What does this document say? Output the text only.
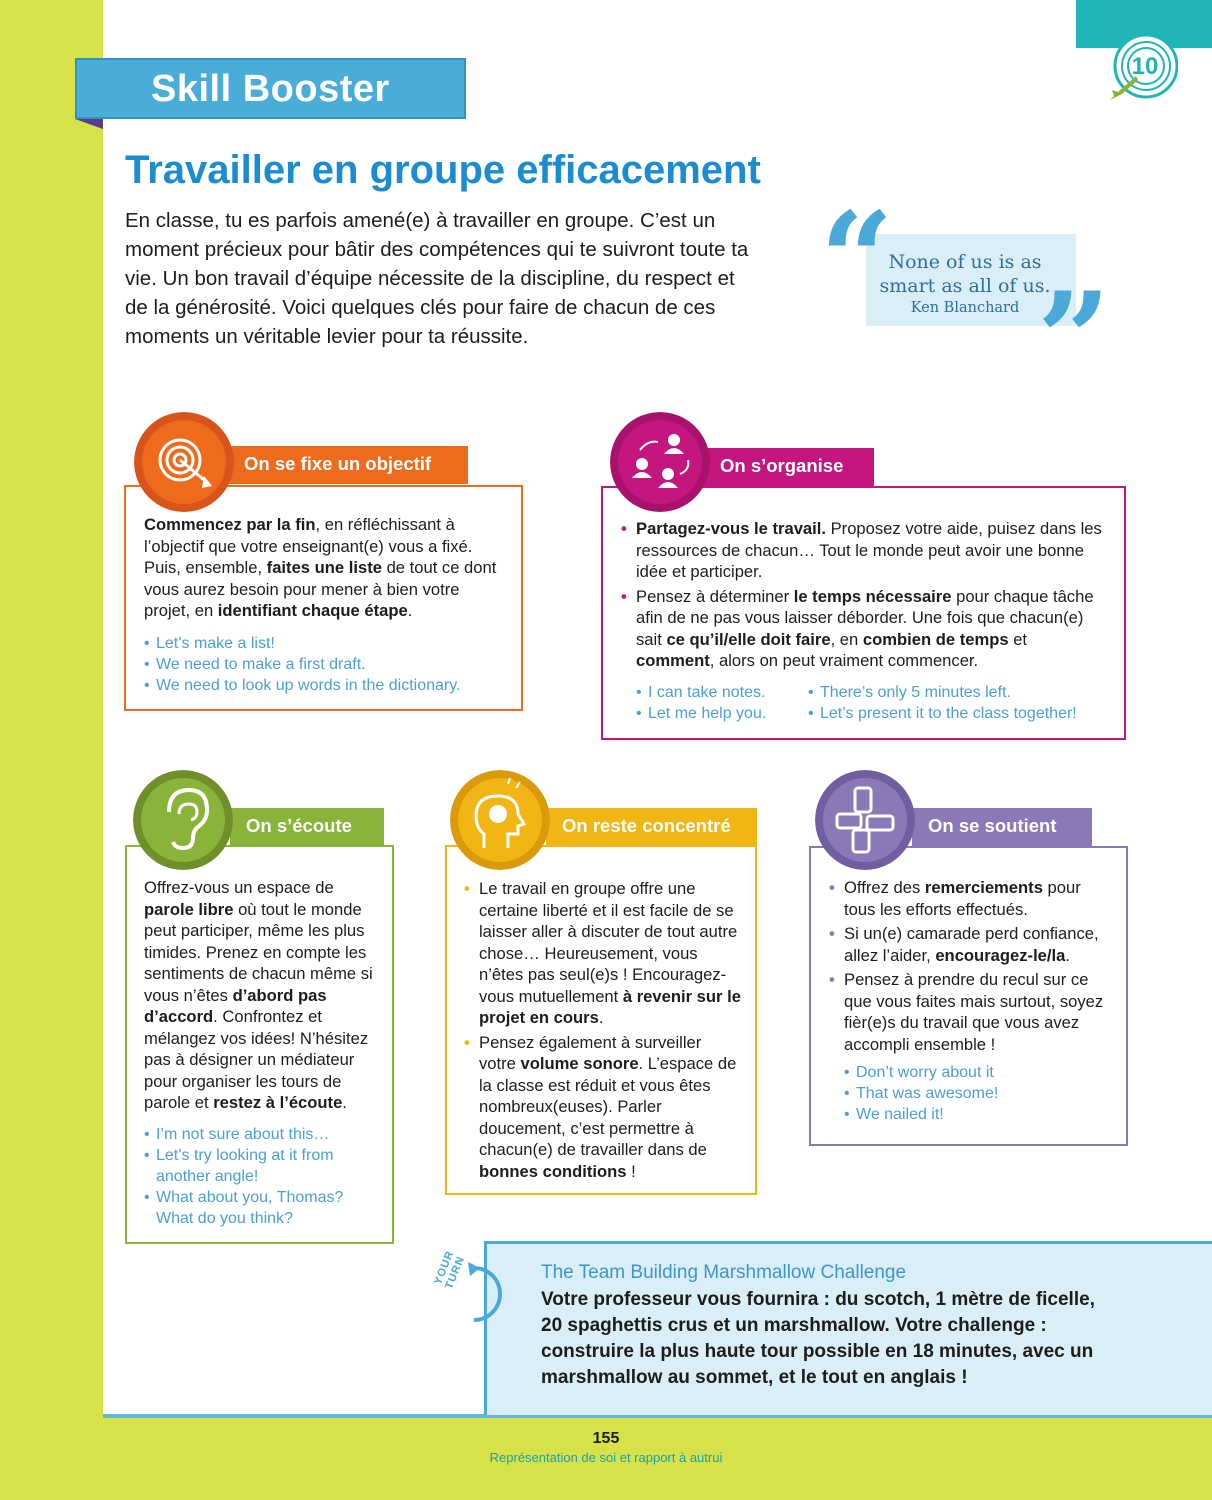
10
Skill Booster
Travailler en groupe efficacement

En classe, tu es parfois amené(e) à travailler en groupe. C’est un moment précieux pour bâtir des compétences qui te suivront toute ta vie. Un bon travail d’équipe nécessite de la discipline, du respect et de la générosité. Voici quelques clés pour faire de chacun de ces moments un véritable levier pour ta réussite.

“
None of us is as
smart as all of us.
Ken Blanchard ”
On se fixe un objectif

Commencez par la fin, en réfléchissant à l’objectif que votre enseignant(e) vous a fixé. Puis, ensemble, faites une liste de tout ce dont vous aurez besoin pour mener à bien votre projet, en identifiant chaque étape.

• Let’s make a list!
• We need to make a first draft.
• We need to look up words in the dictionary.
On s’organise
• Partagez-vous le travail. Proposez votre aide, puisez dans les ressources de chacun… Tout le monde peut avoir une bonne idée et participer.
• Pensez à déterminer le temps nécessaire pour chaque tâche afin de ne pas vous laisser déborder. Une fois que chacun(e) sait ce qu’il/elle doit faire, en combien de temps et comment, alors on peut vraiment commencer.
• I can take notes.
• Let me help you.
• There’s only 5 minutes left.
• Let’s present it to the class together!
On s’écoute

Offrez-vous un espace de parole libre où tout le monde peut participer, même les plus timides. Prenez en compte les sentiments de chacun même si vous n’êtes d’abord pas d’accord. Confrontez et mélangez vos idées! N’hésitez pas à désigner un médiateur pour organiser les tours de parole et restez à l’écoute.

• I’m not sure about this…
• Let’s try looking at it from another angle!
• What about you, Thomas? What do you think?
On reste concentré
• Le travail en groupe offre une certaine liberté et il est facile de se laisser aller à discuter de tout autre chose… Heureusement, vous n’êtes pas seul(e)s ! Encouragez-vous mutuellement à revenir sur le projet en cours.
• Pensez également à surveiller votre volume sonore. L’espace de la classe est réduit et vous êtes nombreux(euses). Parler doucement, c’est permettre à chacun(e) de travailler dans de bonnes conditions !
On se soutient
• Offrez des remerciements pour tous les efforts effectués.
• Si un(e) camarade perd confiance, allez l’aider, encouragez-le/la.
• Pensez à prendre du recul sur ce que vous faites mais surtout, soyez fièr(e)s du travail que vous avez accompli ensemble !
• Don’t worry about it
• That was awesome!
• We nailed it!
YOUR TURN	The Team Building Marshmallow Challenge
Votre professeur vous fournira : du scotch, 1 mètre de ficelle, 20 spaghettis crus et un marshmallow. Votre challenge : construire la plus haute tour possible en 18 minutes, avec un marshmallow au sommet, et le tout en anglais !
155
Représentation de soi et rapport à autrui
